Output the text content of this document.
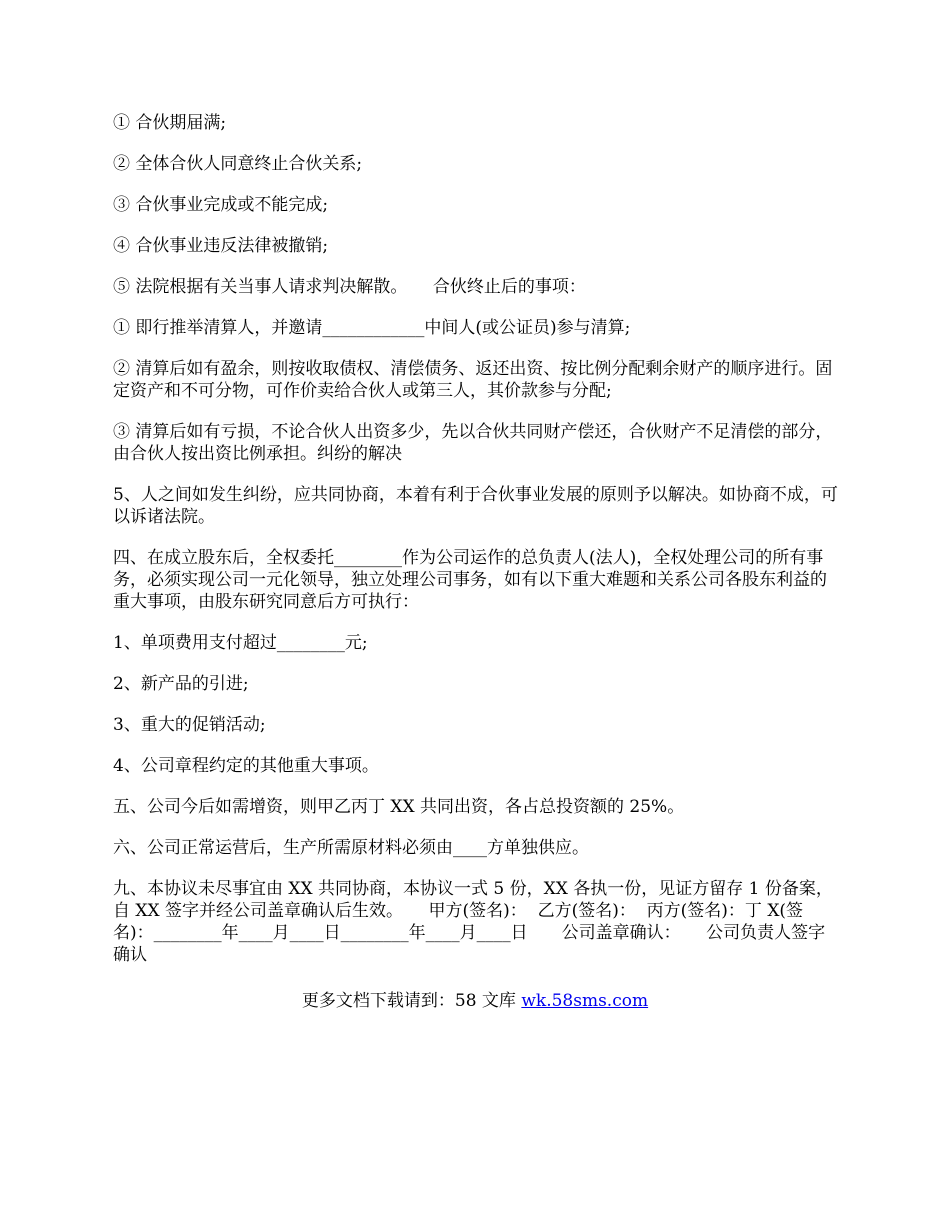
① 合伙期届满;

② 全体合伙人同意终止合伙关系;

③ 合伙事业完成或不能完成;

④ 合伙事业违反法律被撤销;

⑤ 法院根据有关当事人请求判决解散。　　合伙终止后的事项：

① 即行推举清算人，并邀请____________中间人(或公证员)参与清算;

② 清算后如有盈余，则按收取债权、清偿债务、返还出资、按比例分配剩余财产的顺序进行。固定资产和不可分物，可作价卖给合伙人或第三人，其价款参与分配;

③ 清算后如有亏损，不论合伙人出资多少，先以合伙共同财产偿还，合伙财产不足清偿的部分，由合伙人按出资比例承担。纠纷的解决

5、人之间如发生纠纷，应共同协商，本着有利于合伙事业发展的原则予以解决。如协商不成，可以诉诸法院。

四、在成立股东后，全权委托________作为公司运作的总负责人(法人)，全权处理公司的所有事务，必须实现公司一元化领导，独立处理公司事务，如有以下重大难题和关系公司各股东利益的重大事项，由股东研究同意后方可执行：

1、单项费用支付超过________元;

2、新产品的引进;

3、重大的促销活动;

4、公司章程约定的其他重大事项。

五、公司今后如需增资，则甲乙丙丁 XX 共同出资，各占总投资额的 25%。

六、公司正常运营后，生产所需原材料必须由____方单独供应。

九、本协议未尽事宜由 XX 共同协商，本协议一式 5 份，XX 各执一份，见证方留存 1 份备案，自 XX 签字并经公司盖章确认后生效。　　甲方(签名)：  乙方(签名)：  丙方(签名)：丁 X(签名)：________年____月____日________年____月____日　　公司盖章确认：　　公司负责人签字确认

更多文档下载请到：58 文库 wk.58sms.com
